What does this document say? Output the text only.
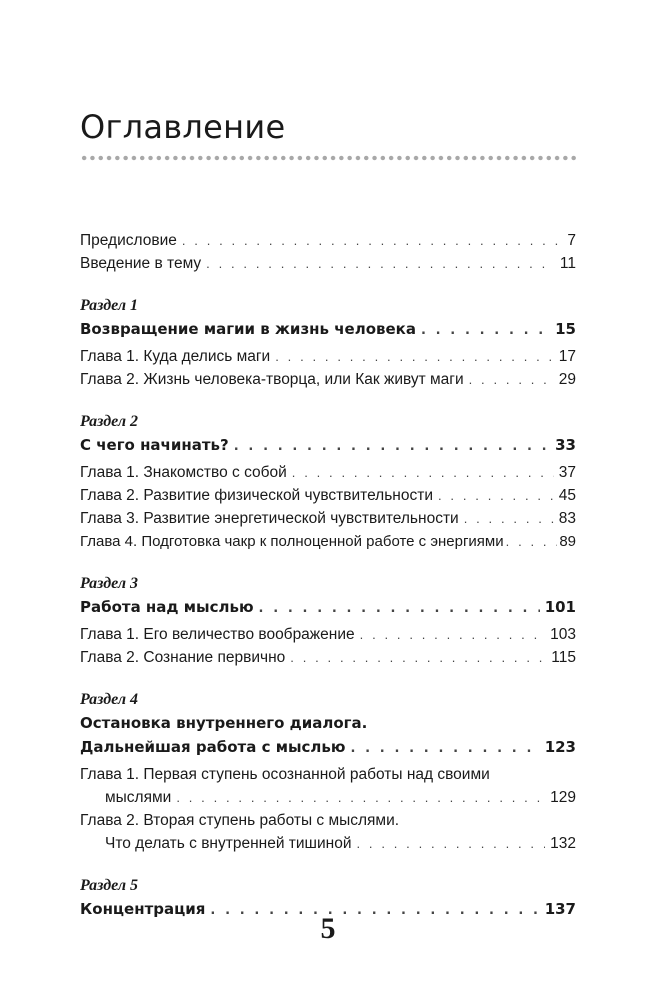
Оглавление
Предисловие . . .	7
Введение в тему . . .	11
Раздел 1
Возвращение магии в жизнь человека . . .	15
Глава 1. Куда делись маги . . .	17
Глава 2. Жизнь человека-творца, или Как живут маги . . .	29
Раздел 2
С чего начинать? . . .	33
Глава 1. Знакомство с собой . . .	37
Глава 2. Развитие физической чувствительности . . .	45
Глава 3. Развитие энергетической чувствительности . . .	83
Глава 4. Подготовка чакр к полноценной работе с энергиями . . .	89
Раздел 3
Работа над мыслью . . .	101
Глава 1. Его величество воображение . . .	103
Глава 2. Сознание первично . . .	115
Раздел 4
Остановка внутреннего диалога.
Дальнейшая работа с мыслью . . .	123
Глава 1. Первая ступень осознанной работы над своими
мыслями . . .	129
Глава 2. Вторая ступень работы с мыслями.
Что делать с внутренней тишиной . . .	132
Раздел 5
Концентрация . . .	137
5
